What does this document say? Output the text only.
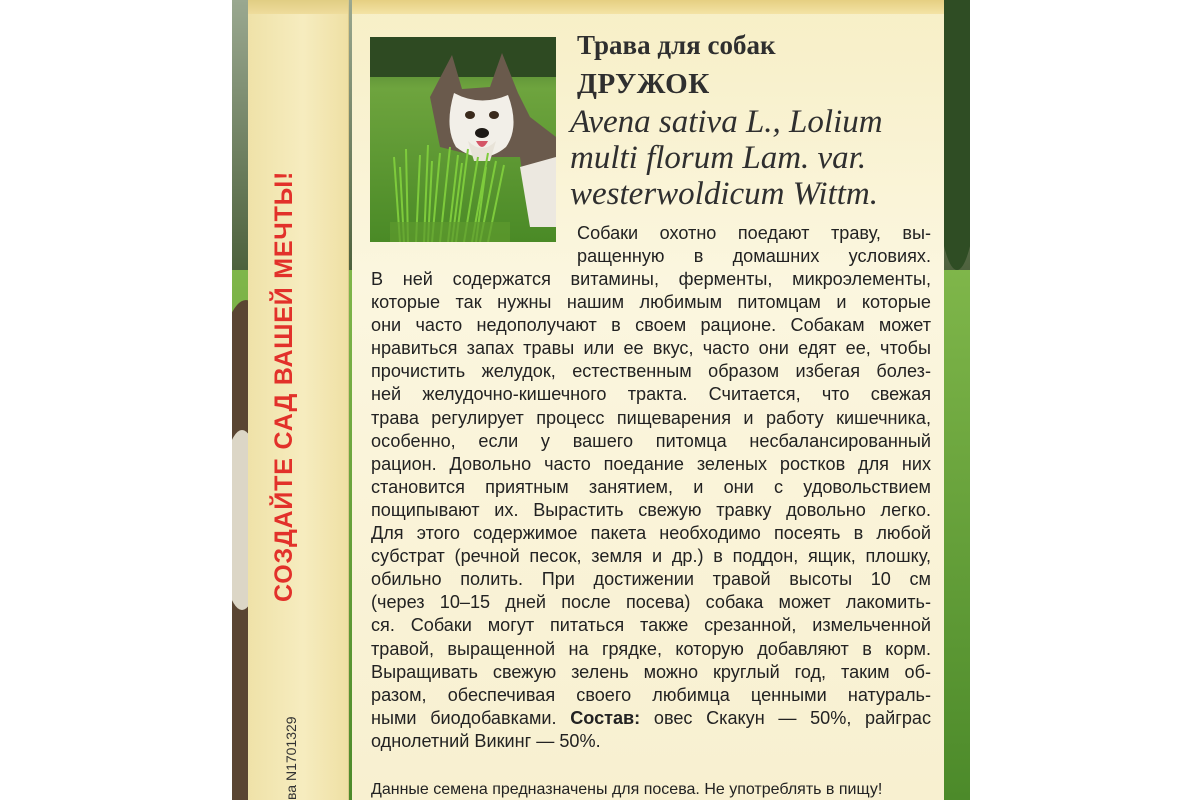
СОЗДАЙТЕ САД ВАШЕЙ МЕЧТЫ!
ва N1701329
Трава для собак
ДРУЖОК
Avena sativa L., Lolium
multi florum Lam. var.
westerwoldicum Wittm.
Собаки охотно поедают траву, вы-
ращенную в домашних условиях.
В ней содержатся витамины, ферменты, микроэлементы,
которые так нужны нашим любимым питомцам и которые
они часто недополучают в своем рационе. Собакам может
нравиться запах травы или ее вкус, часто они едят ее, чтобы
прочистить желудок, естественным образом избегая болез-
ней желудочно-кишечного тракта. Считается, что свежая
трава регулирует процесс пищеварения и работу кишечника,
особенно, если у вашего питомца несбалансированный
рацион. Довольно часто поедание зеленых ростков для них
становится приятным занятием, и они с удовольствием
пощипывают их. Вырастить свежую травку довольно легко.
Для этого содержимое пакета необходимо посеять в любой
субстрат (речной песок, земля и др.) в поддон, ящик, плошку,
обильно полить. При достижении травой высоты 10 см
(через 10–15 дней после посева) собака может лакомить-
ся. Собаки могут питаться также срезанной, измельченной
травой, выращенной на грядке, которую добавляют в корм.
Выращивать свежую зелень можно круглый год, таким об-
разом, обеспечивая своего любимца ценными натураль-
ными биодобавками. Состав: овес Скакун — 50%, райграс
однолетний Викинг — 50%.
Данные семена предназначены для посева. Не употреблять в пищу!
